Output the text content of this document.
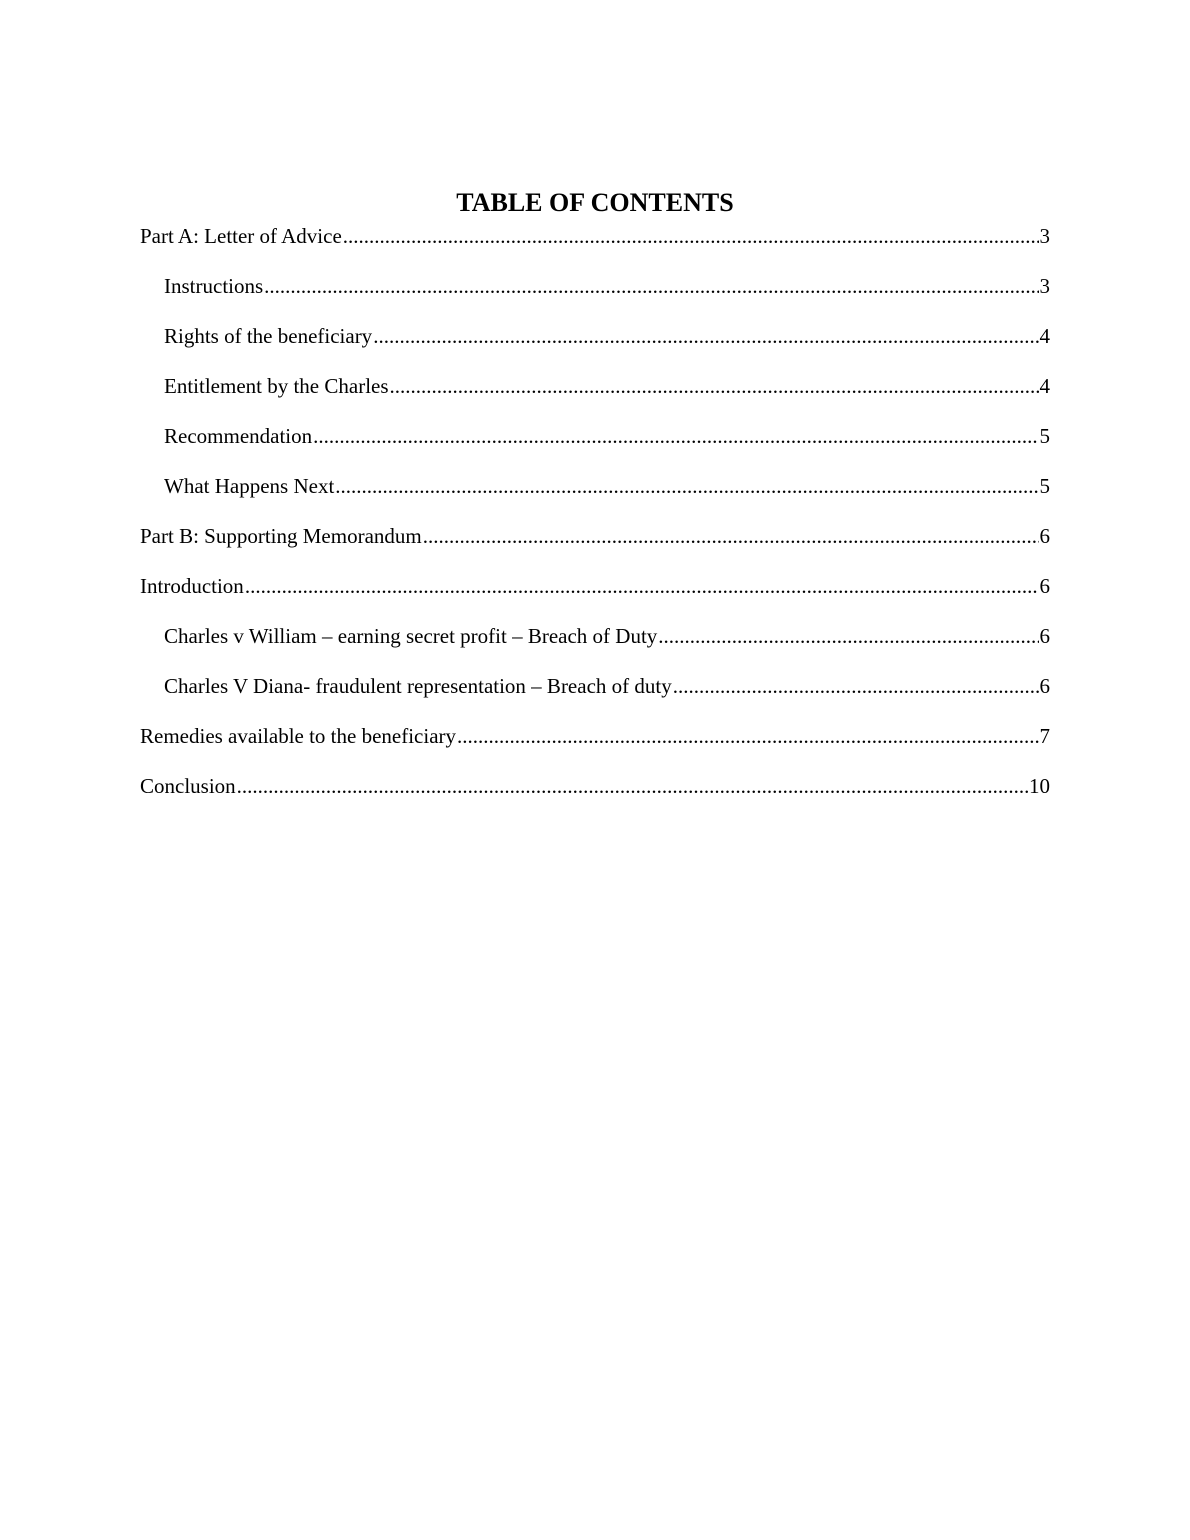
TABLE OF CONTENTS
Part A: Letter of Advice .....	3
Instructions .....	3
Rights of the beneficiary .....	4
Entitlement by the Charles .....	4
Recommendation .....	5
What Happens Next .....	5
Part B: Supporting Memorandum .....	6
Introduction .....	6
Charles v William – earning secret profit – Breach of Duty .....	6
Charles V Diana- fraudulent representation – Breach of duty .....	6
Remedies available to the beneficiary .....	7
Conclusion .....	10
